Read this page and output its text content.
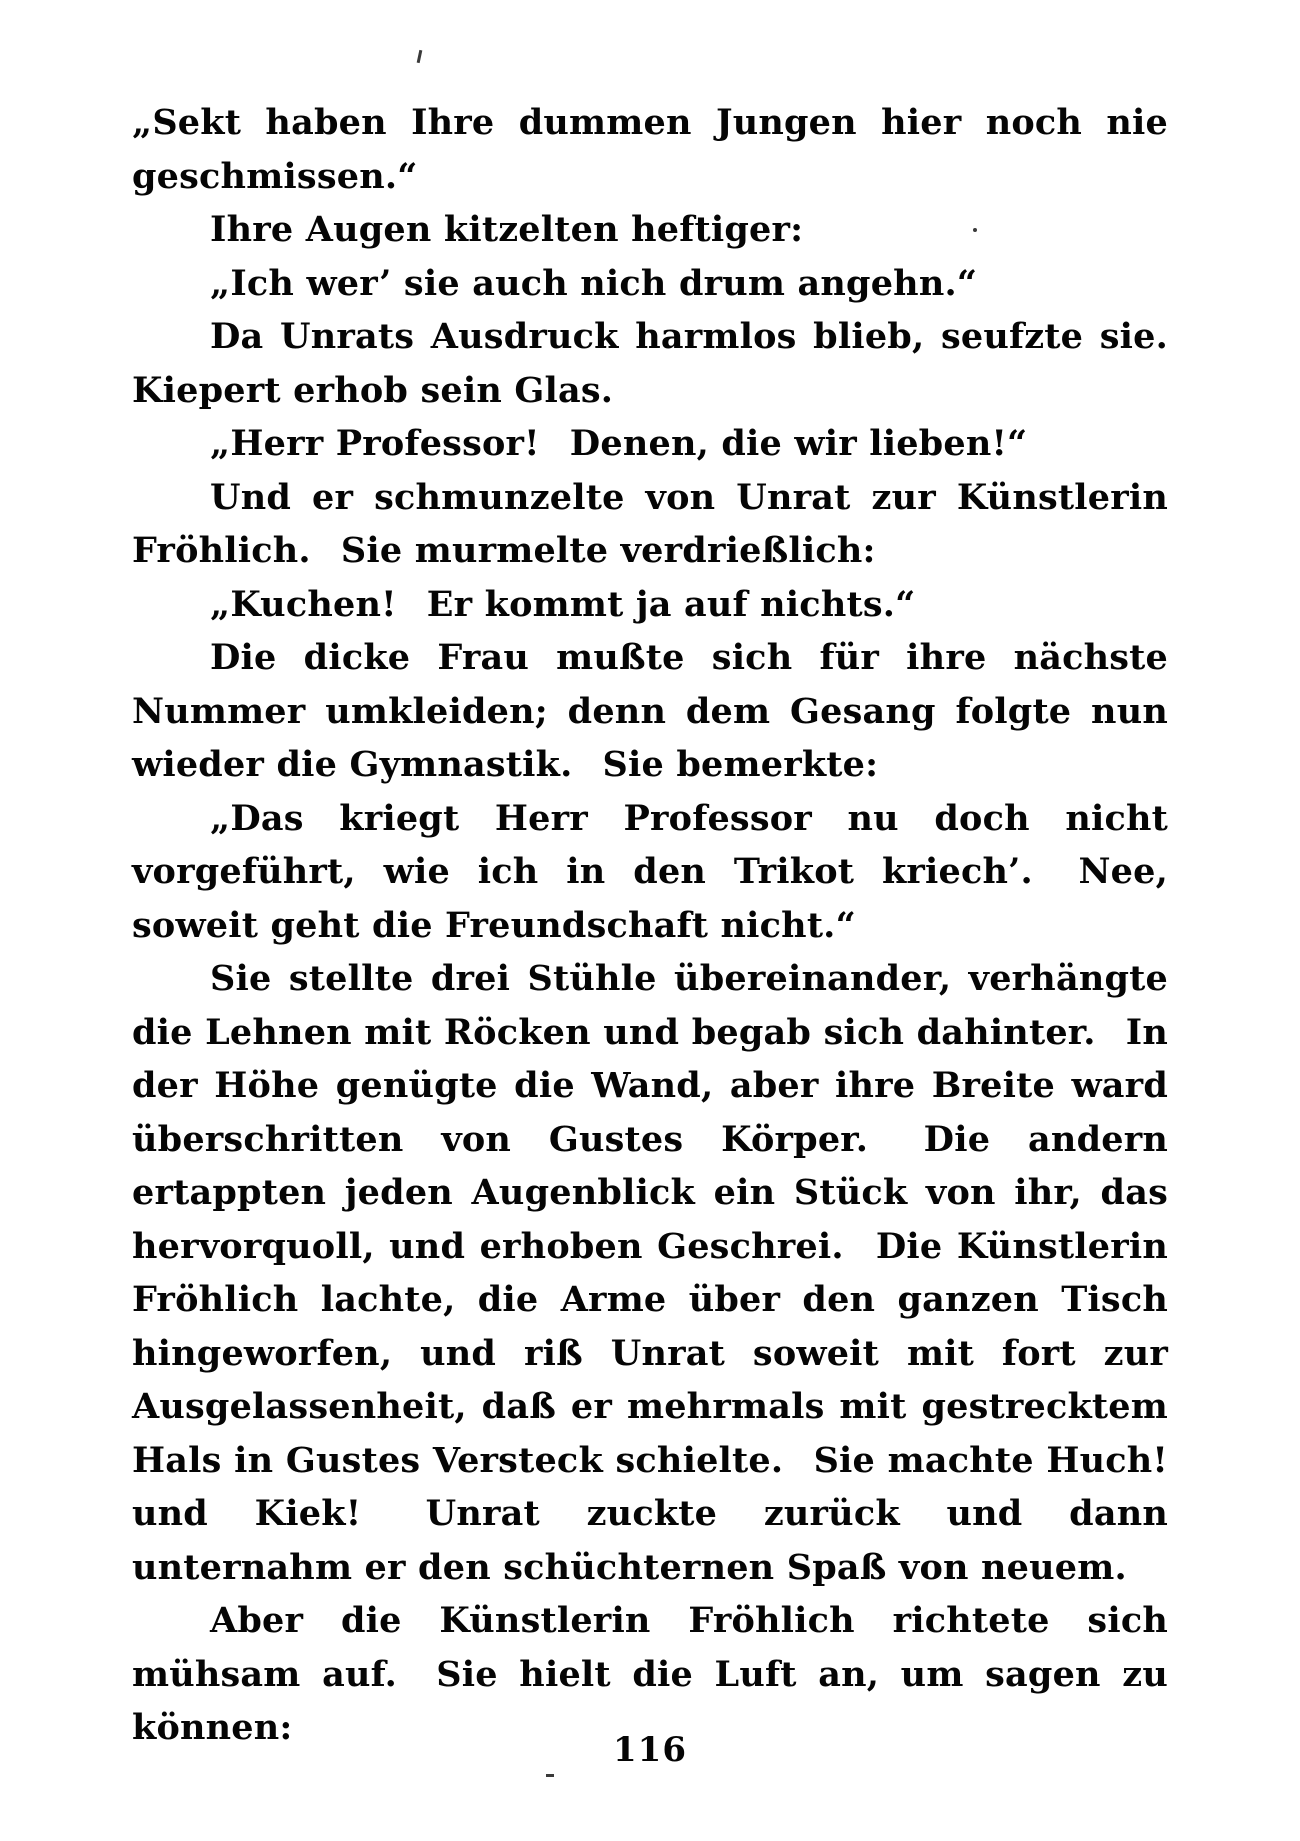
„Sekt haben Ihre dummen Jungen hier noch nie geschmissen.“

Ihre Augen kitzelten heftiger:

„Ich wer’ sie auch nich drum angehn.“

Da Unrats Ausdruck harmlos blieb, seufzte sie. Kiepert erhob sein Glas.

„Herr Professor!  Denen, die wir lieben!“

Und er schmunzelte von Unrat zur Künstlerin Fröhlich.  Sie murmelte verdrießlich:

„Kuchen!  Er kommt ja auf nichts.“

Die dicke Frau mußte sich für ihre nächste Nummer umkleiden; denn dem Gesang folgte nun wieder die Gymnastik.  Sie bemerkte:

„Das kriegt Herr Professor nu doch nicht vorgeführt, wie ich in den Trikot kriech’.  Nee, soweit geht die Freundschaft nicht.“

Sie stellte drei Stühle übereinander, verhängte die Lehnen mit Röcken und begab sich dahinter.  In der Höhe genügte die Wand, aber ihre Breite ward überschritten von Gustes Körper.  Die andern ertappten jeden Augenblick ein Stück von ihr, das hervorquoll, und erhoben Geschrei.  Die Künstlerin Fröhlich lachte, die Arme über den ganzen Tisch hingeworfen, und riß Unrat soweit mit fort zur Ausgelassenheit, daß er mehrmals mit gestrecktem Hals in Gustes Versteck schielte.  Sie machte Huch! und Kiek!  Unrat zuckte zurück und dann unternahm er den schüchternen Spaß von neuem.

Aber die Künstlerin Fröhlich richtete sich mühsam auf.  Sie hielt die Luft an, um sagen zu können:

116
